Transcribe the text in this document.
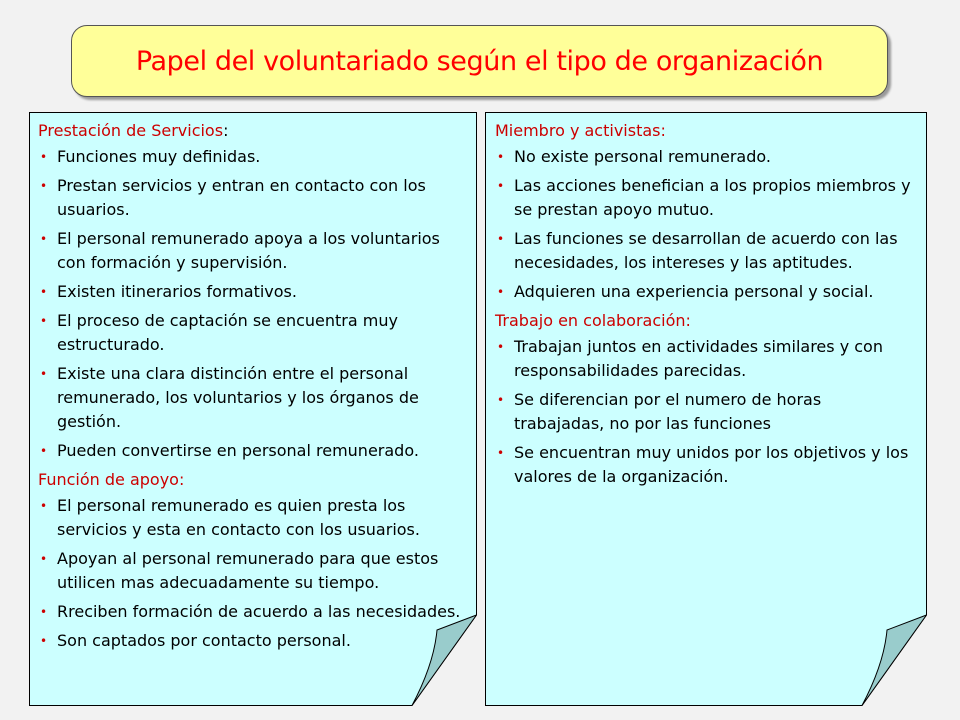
Papel del voluntariado según el tipo de organización
Prestación de Servicios:
• Funciones muy definidas.
• Prestan servicios y entran en contacto con los usuarios.
• El personal remunerado apoya a los voluntarios con formación y supervisión.
• Existen itinerarios formativos.
• El proceso de captación se encuentra muy estructurado.
• Existe una clara distinción entre el personal remunerado, los voluntarios y los órganos de gestión.
• Pueden convertirse en personal remunerado.
Función de apoyo:
• El personal remunerado es quien presta los servicios y esta en contacto con los usuarios.
• Apoyan al personal remunerado para que estos utilicen mas adecuadamente su tiempo.
• Rreciben formación de acuerdo a las necesidades.
• Son captados por contacto personal.
Miembro y activistas:
• No existe personal remunerado.
• Las acciones benefician a los propios miembros y se prestan apoyo mutuo.
• Las funciones se desarrollan de acuerdo con las necesidades, los intereses y las aptitudes.
• Adquieren una experiencia personal y social.
Trabajo en colaboración:
• Trabajan juntos en actividades similares y con responsabilidades parecidas.
• Se diferencian por el numero de horas trabajadas, no por las funciones
• Se encuentran muy unidos por los objetivos y los valores de la organización.
